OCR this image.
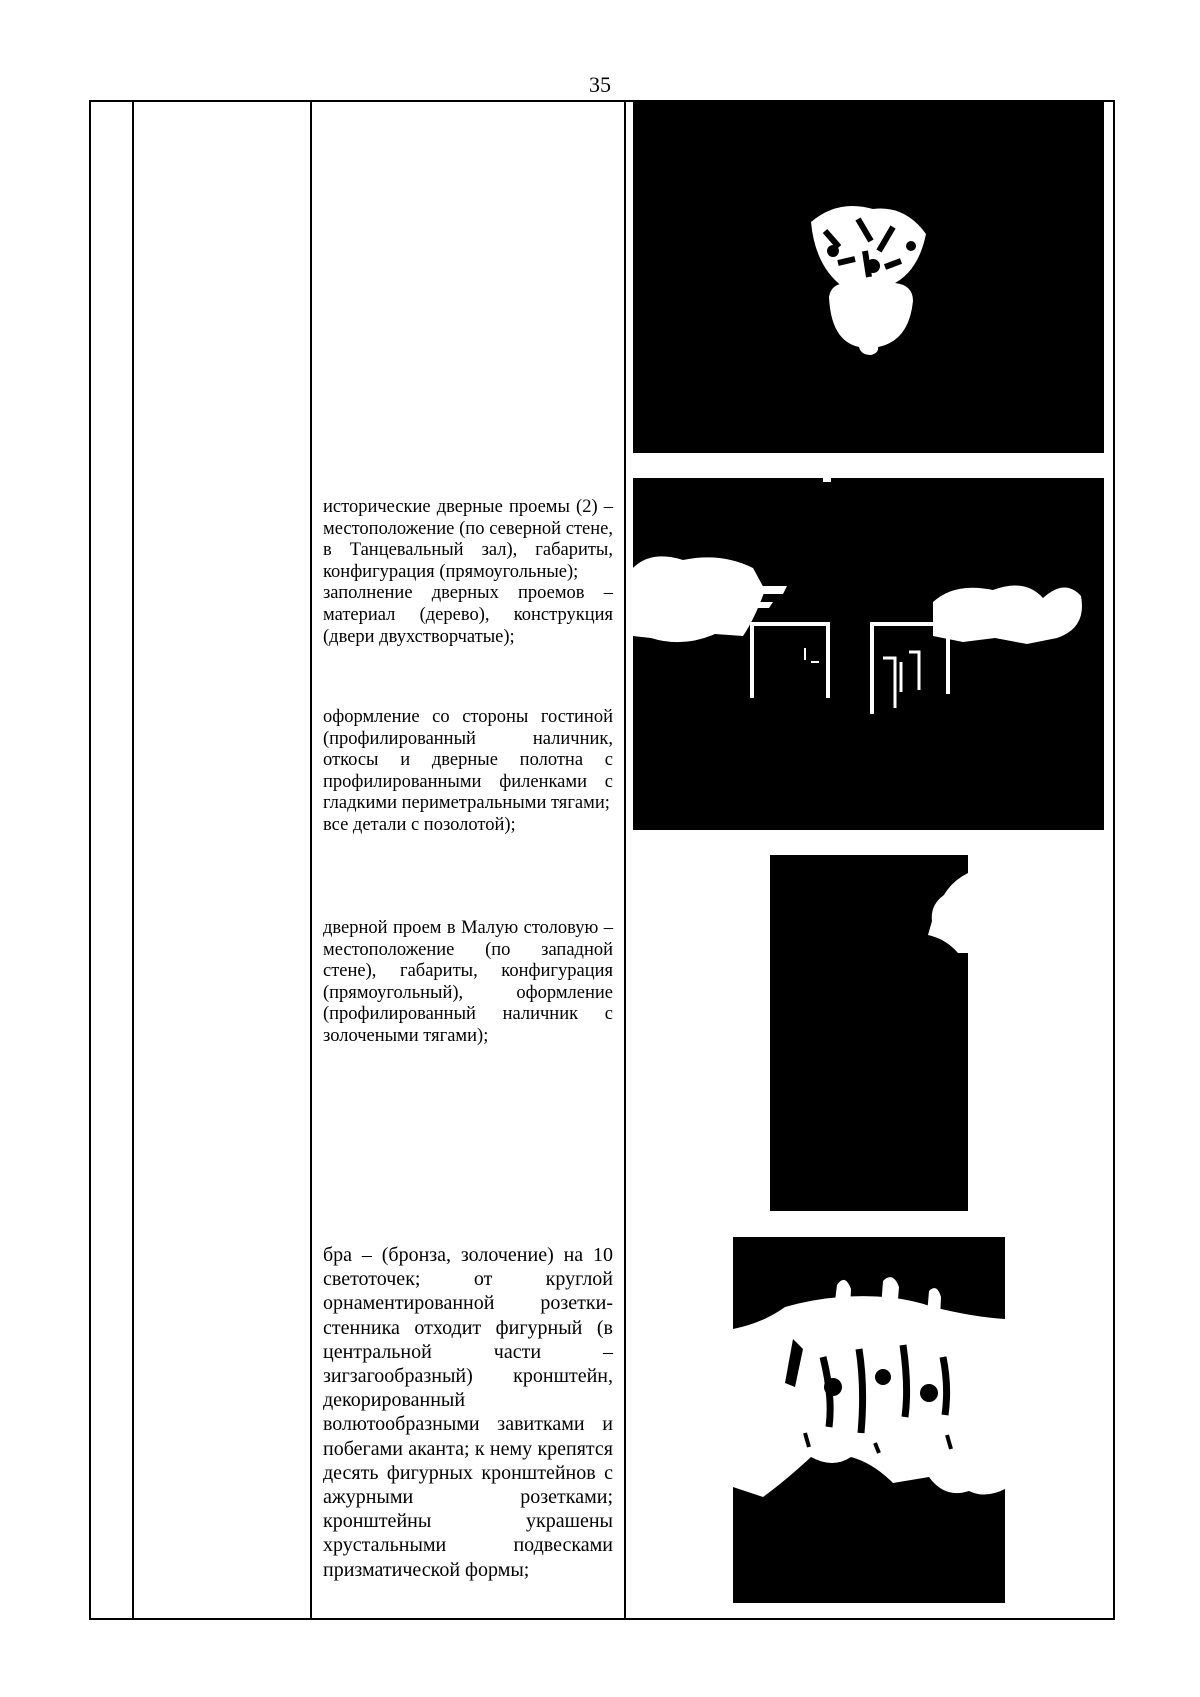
35

исторические дверные проемы (2) – местоположение (по северной стене, в Танцевальный зал), габариты, конфигурация (прямоугольные);

заполнение дверных проемов – материал (дерево), конструкция (двери двухстворчатые);

оформление со стороны гостиной (профилированный наличник, откосы и дверные полотна с профилированными филенками с гладкими периметральными тягами;

все детали с позолотой);

дверной проем в Малую столовую – местоположение (по западной стене), габариты, конфигурация (прямоугольный), оформление (профилированный наличник с золочеными тягами);

бра – (бронза, золочение) на 10 светоточек; от круглой орнаментированной розетки-стенника отходит фигурный (в центральной части – зигзагообразный) кронштейн, декорированный волютообразными завитками и побегами аканта; к нему крепятся десять фигурных кронштейнов с ажурными розетками; кронштейны украшены хрустальными подвесками призматической формы;
